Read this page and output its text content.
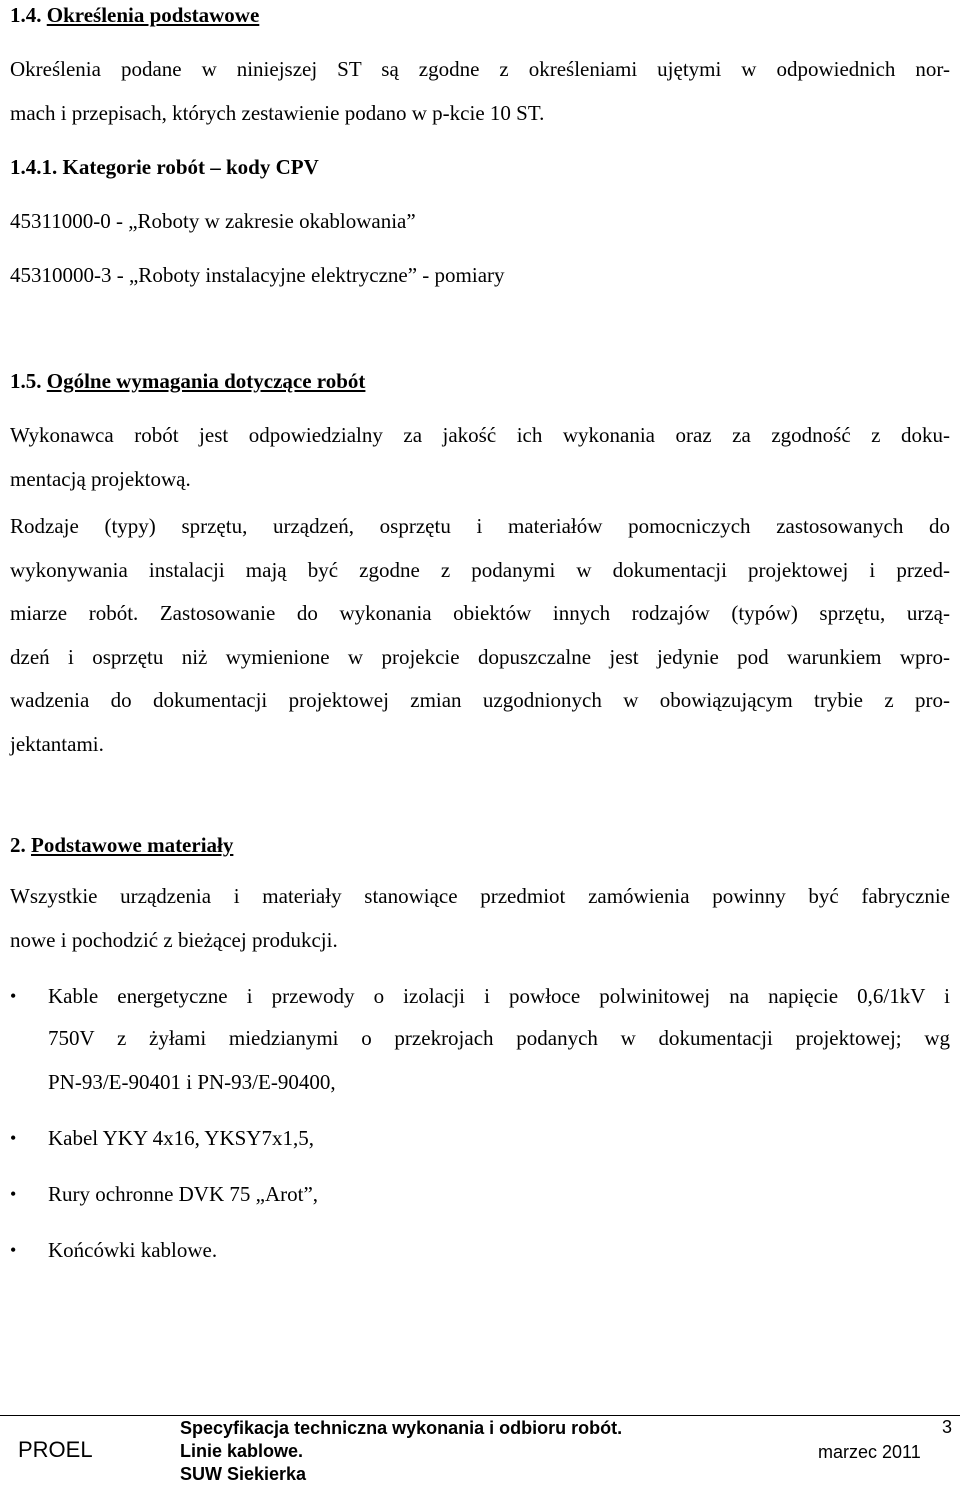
1.4. Określenia podstawowe
Określenia podane w niniejszej ST są zgodne z określeniami ujętymi w odpowiednich nor-
mach i przepisach, których zestawienie podano w p-kcie 10 ST.
1.4.1. Kategorie robót – kody CPV
45311000-0 - „Roboty w zakresie okablowania”
45310000-3 - „Roboty instalacyjne elektryczne” - pomiary
1.5. Ogólne wymagania dotyczące robót
Wykonawca robót jest odpowiedzialny za jakość ich wykonania oraz za zgodność z doku-
mentacją projektową.
Rodzaje (typy) sprzętu, urządzeń, osprzętu i materiałów pomocniczych zastosowanych do
wykonywania instalacji mają być zgodne z podanymi w dokumentacji projektowej i przed-
miarze robót. Zastosowanie do wykonania obiektów innych rodzajów (typów) sprzętu, urzą-
dzeń i osprzętu niż wymienione w projekcie dopuszczalne jest jedynie pod warunkiem wpro-
wadzenia do dokumentacji projektowej zmian uzgodnionych w obowiązującym trybie z pro-
jektantami.
2. Podstawowe materiały
Wszystkie urządzenia i materiały stanowiące przedmiot zamówienia powinny być fabrycznie
nowe i pochodzić z bieżącej produkcji.
• Kable energetyczne i przewody o izolacji i powłoce polwinitowej na napięcie 0,6/1kV i
750V z żyłami miedzianymi o przekrojach podanych w dokumentacji projektowej; wg
PN-93/E-90401 i PN-93/E-90400,
• Kabel YKY 4x16, YKSY7x1,5,
• Rury ochronne DVK 75 „Arot”,
• Końcówki kablowe.
PROEL
Specyfikacja techniczna wykonania i odbioru robót.
Linie kablowe.
SUW Siekierka
marzec 2011
3
